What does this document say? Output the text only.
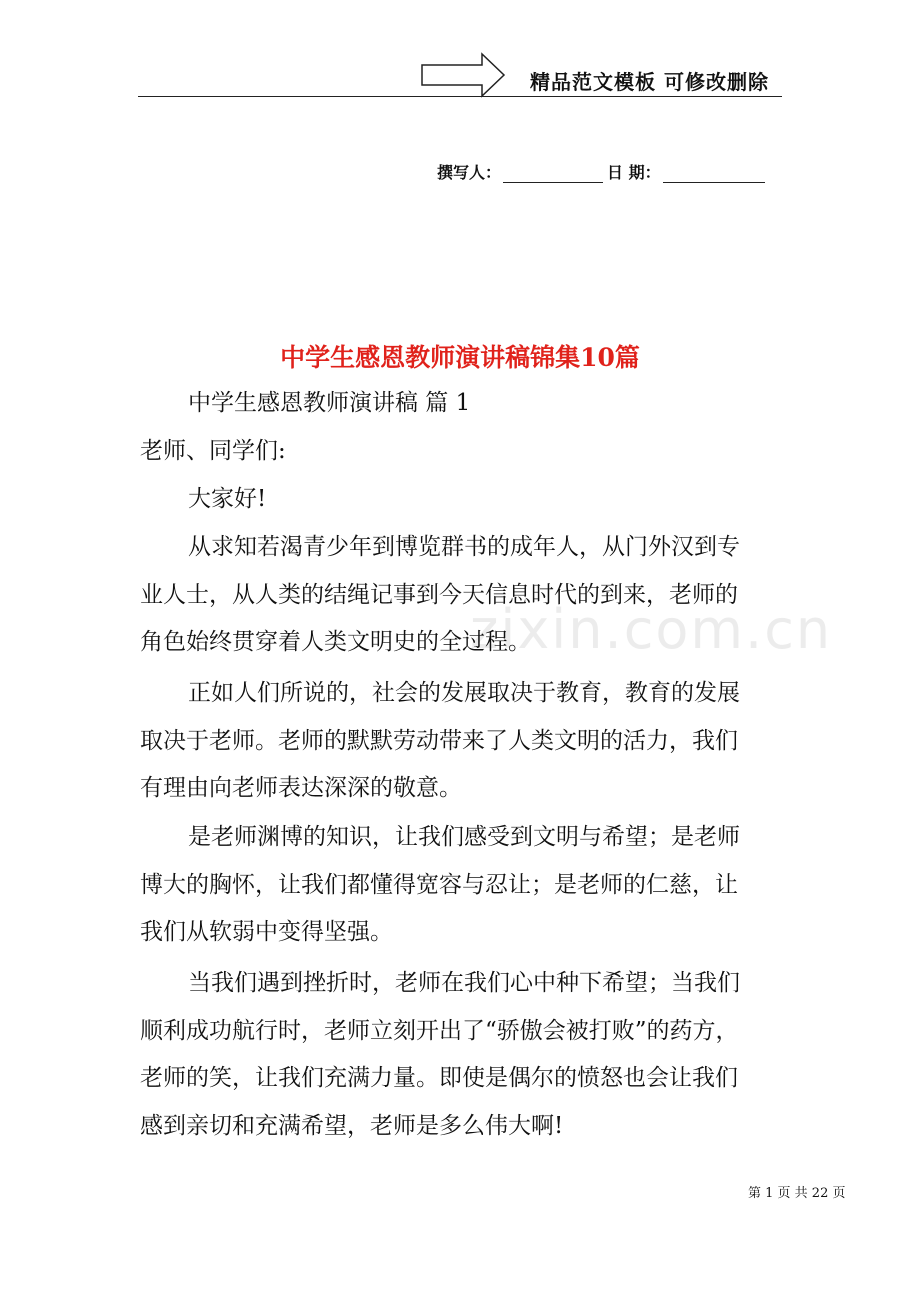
精品范文模板 可修改删除
撰写人：	日 期：
zixin.com.cn
中学生感恩教师演讲稿锦集10篇

中学生感恩教师演讲稿 篇 1

老师、同学们:

大家好!

从求知若渴青少年到博览群书的成年人，从门外汉到专
业人士，从人类的结绳记事到今天信息时代的到来，老师的
角色始终贯穿着人类文明史的全过程。
正如人们所说的，社会的发展取决于教育，教育的发展
取决于老师。老师的默默劳动带来了人类文明的活力，我们
有理由向老师表达深深的敬意。
是老师渊博的知识，让我们感受到文明与希望；是老师
博大的胸怀，让我们都懂得宽容与忍让；是老师的仁慈，让
我们从软弱中变得坚强。
当我们遇到挫折时，老师在我们心中种下希望；当我们
顺利成功航行时，老师立刻开出了“骄傲会被打败”的药方，
老师的笑，让我们充满力量。即使是偶尔的愤怒也会让我们
感到亲切和充满希望，老师是多么伟大啊!
第 1 页 共 22 页
